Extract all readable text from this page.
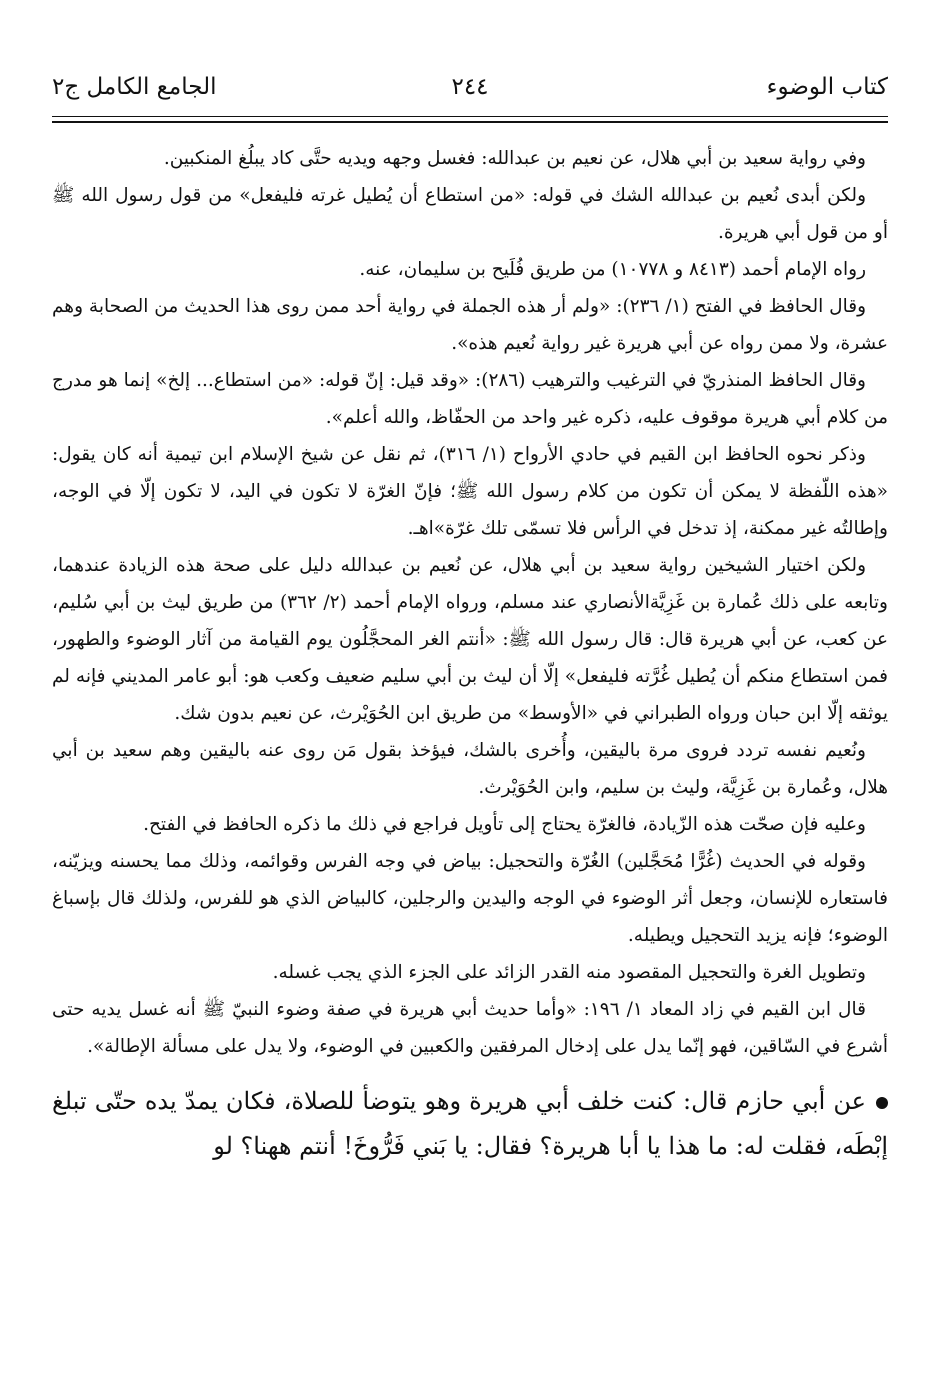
كتاب الوضوء
٢٤٤
الجامع الكامل ج٢

وفي رواية سعيد بن أبي هلال، عن نعيم بن عبدالله: فغسل وجهه ويديه حتَّى كاد يبلُغ المنكبين.

ولكن أبدى نُعيم بن عبدالله الشك في قوله: «من استطاع أن يُطيل غرته فليفعل» من قول رسول الله ﷺ أو من قول أبي هريرة.

رواه الإمام أحمد (٨٤١٣ و ١٠٧٧٨) من طريق فُلَيح بن سليمان، عنه.

وقال الحافظ في الفتح (١/ ٢٣٦): «ولم أر هذه الجملة في رواية أحد ممن روى هذا الحديث من الصحابة وهم عشرة، ولا ممن رواه عن أبي هريرة غير رواية نُعيم هذه».

وقال الحافظ المنذريّ في الترغيب والترهيب (٢٨٦): «وقد قيل: إنّ قوله: «من استطاع... إلخ» إنما هو مدرج من كلام أبي هريرة موقوف عليه، ذكره غير واحد من الحفّاظ، والله أعلم».

وذكر نحوه الحافظ ابن القيم في حادي الأرواح (١/ ٣١٦)، ثم نقل عن شيخ الإسلام ابن تيمية أنه كان يقول: «هذه اللّفظة لا يمكن أن تكون من كلام رسول الله ﷺ؛ فإنّ الغرّة لا تكون في اليد، لا تكون إلّا في الوجه، وإطالتُه غير ممكنة، إذ تدخل في الرأس فلا تسمّى تلك غرّة»اهـ.

ولكن اختيار الشيخين رواية سعيد بن أبي هلال، عن نُعيم بن عبدالله دليل على صحة هذه الزيادة عندهما، وتابعه على ذلك عُمارة بن غَزِيَّةالأنصاري عند مسلم، ورواه الإمام أحمد (٢/ ٣٦٢) من طريق ليث بن أبي سُليم، عن كعب، عن أبي هريرة قال: قال رسول الله ﷺ: «أنتم الغر المحجَّلُون يوم القيامة من آثار الوضوء والطهور، فمن استطاع منكم أن يُطيل غُرَّته فليفعل» إلّا أن ليث بن أبي سليم ضعيف وكعب هو: أبو عامر المديني فإنه لم يوثقه إلّا ابن حبان ورواه الطبراني في «الأوسط» من طريق ابن الحُوَيْرث، عن نعيم بدون شك.

ونُعيم نفسه تردد فروى مرة باليقين، وأُخرى بالشك، فيؤخذ بقول مَن روى عنه باليقين وهم سعيد بن أبي هلال، وعُمارة بن غَزِيَّة، وليث بن سليم، وابن الحُوَيْرث.

وعليه فإن صحّت هذه الزّيادة، فالغرّة يحتاج إلى تأويل فراجع في ذلك ما ذكره الحافظ في الفتح.

وقوله في الحديث (غُرًّا مُحَجَّلين) الغُرّة والتحجيل: بياض في وجه الفرس وقوائمه، وذلك مما يحسنه ويزيّنه، فاستعاره للإنسان، وجعل أثر الوضوء في الوجه واليدين والرجلين، كالبياض الذي هو للفرس، ولذلك قال بإسباغ الوضوء؛ فإنه يزيد التحجيل ويطيله.

وتطويل الغرة والتحجيل المقصود منه القدر الزائد على الجزء الذي يجب غسله.

قال ابن القيم في زاد المعاد ١/ ١٩٦: «وأما حديث أبي هريرة في صفة وضوء النبيّ ﷺ أنه غسل يديه حتى أشرع في السّاقين، فهو إنّما يدل على إدخال المرفقين والكعبين في الوضوء، ولا يدل على مسألة الإطالة».

عن أبي حازم قال: كنت خلف أبي هريرة وهو يتوضأ للصلاة، فكان يمدّ يده حتّى تبلغ إبْطَه، فقلت له: ما هذا يا أبا هريرة؟ فقال: يا بَني فَرُّوخَ! أنتم ههنا؟ لو
